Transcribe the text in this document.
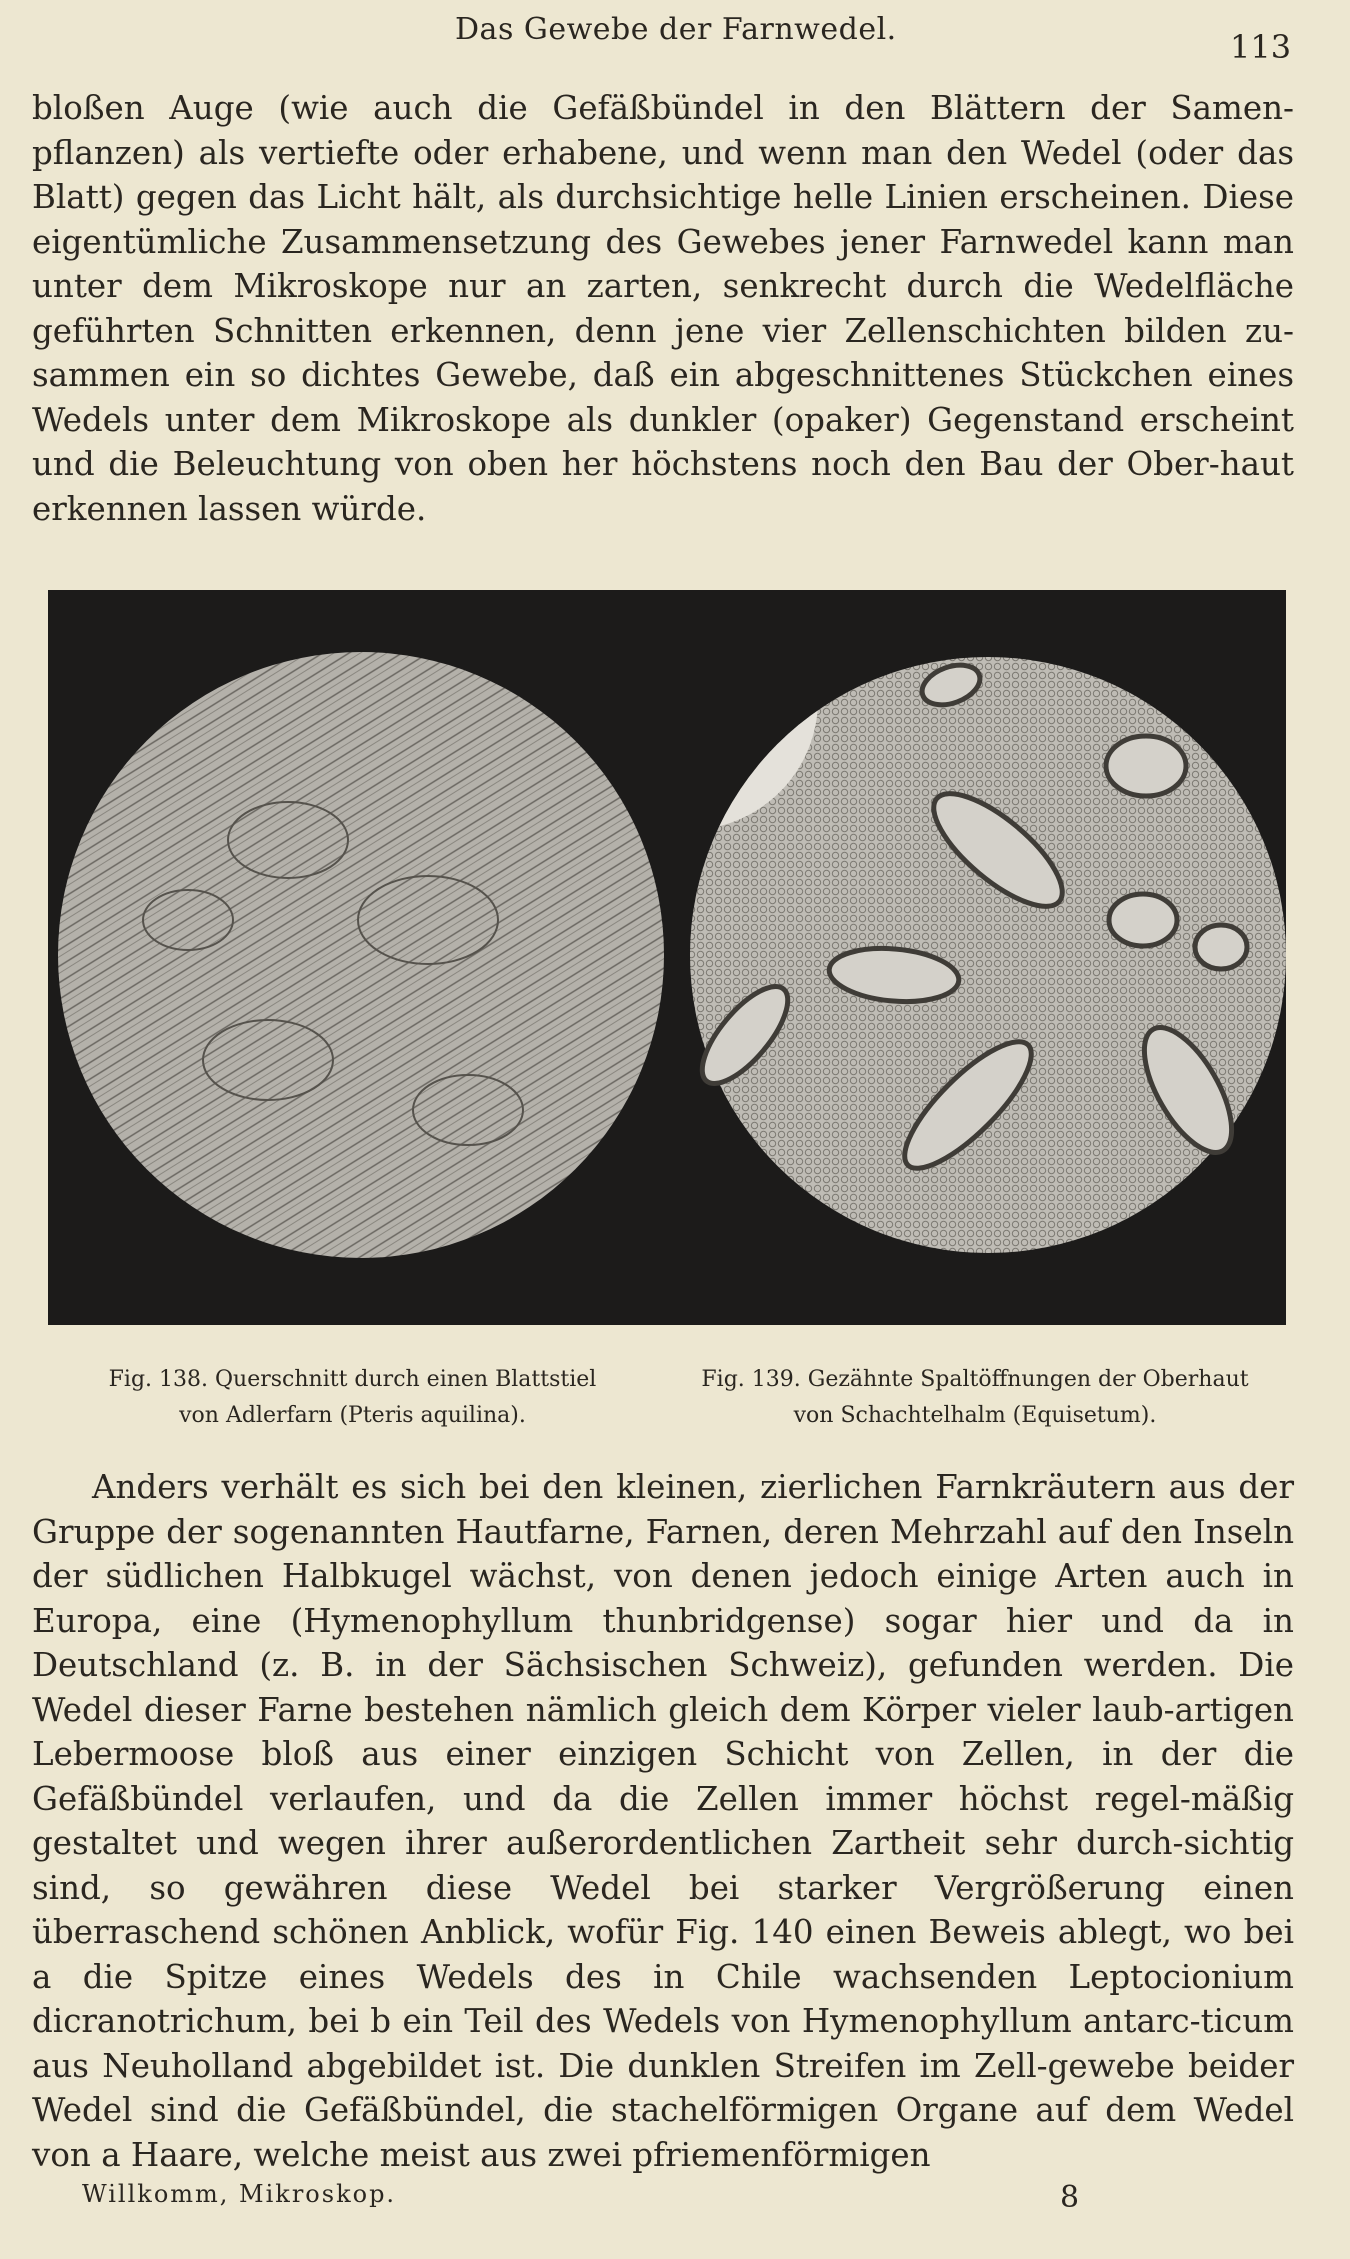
Das Gewebe der Farnwedel.	113

bloßen Auge (wie auch die Gefäßbündel in den Blättern der Samen-pflanzen) als vertiefte oder erhabene, und wenn man den Wedel (oder das Blatt) gegen das Licht hält, als durchsichtige helle Linien erscheinen. Diese eigentümliche Zusammensetzung des Gewebes jener Farnwedel kann man unter dem Mikroskope nur an zarten, senkrecht durch die Wedelfläche geführten Schnitten erkennen, denn jene vier Zellenschichten bilden zu-sammen ein so dichtes Gewebe, daß ein abgeschnittenes Stückchen eines Wedels unter dem Mikroskope als dunkler (opaker) Gegenstand erscheint und die Beleuchtung von oben her höchstens noch den Bau der Ober-haut erkennen lassen würde.

Fig. 138. Querschnitt durch einen Blattstiel
von Adlerfarn (Pteris aquilina).
Fig. 139. Gezähnte Spaltöffnungen der Oberhaut
von Schachtelhalm (Equisetum).

Anders verhält es sich bei den kleinen, zierlichen Farnkräutern aus der Gruppe der sogenannten Hautfarne, Farnen, deren Mehrzahl auf den Inseln der südlichen Halbkugel wächst, von denen jedoch einige Arten auch in Europa, eine (Hymenophyllum thunbridgense) sogar hier und da in Deutschland (z. B. in der Sächsischen Schweiz), gefunden werden. Die Wedel dieser Farne bestehen nämlich gleich dem Körper vieler laub-artigen Lebermoose bloß aus einer einzigen Schicht von Zellen, in der die Gefäßbündel verlaufen, und da die Zellen immer höchst regel-mäßig gestaltet und wegen ihrer außerordentlichen Zartheit sehr durch-sichtig sind, so gewähren diese Wedel bei starker Vergrößerung einen überraschend schönen Anblick, wofür Fig. 140 einen Beweis ablegt, wo bei a die Spitze eines Wedels des in Chile wachsenden Leptocionium dicranotrichum, bei b ein Teil des Wedels von Hymenophyllum antarc-ticum aus Neuholland abgebildet ist. Die dunklen Streifen im Zell-gewebe beider Wedel sind die Gefäßbündel, die stachelförmigen Organe auf dem Wedel von a Haare, welche meist aus zwei pfriemenförmigen

Willkomm, Mikroskop.	8
